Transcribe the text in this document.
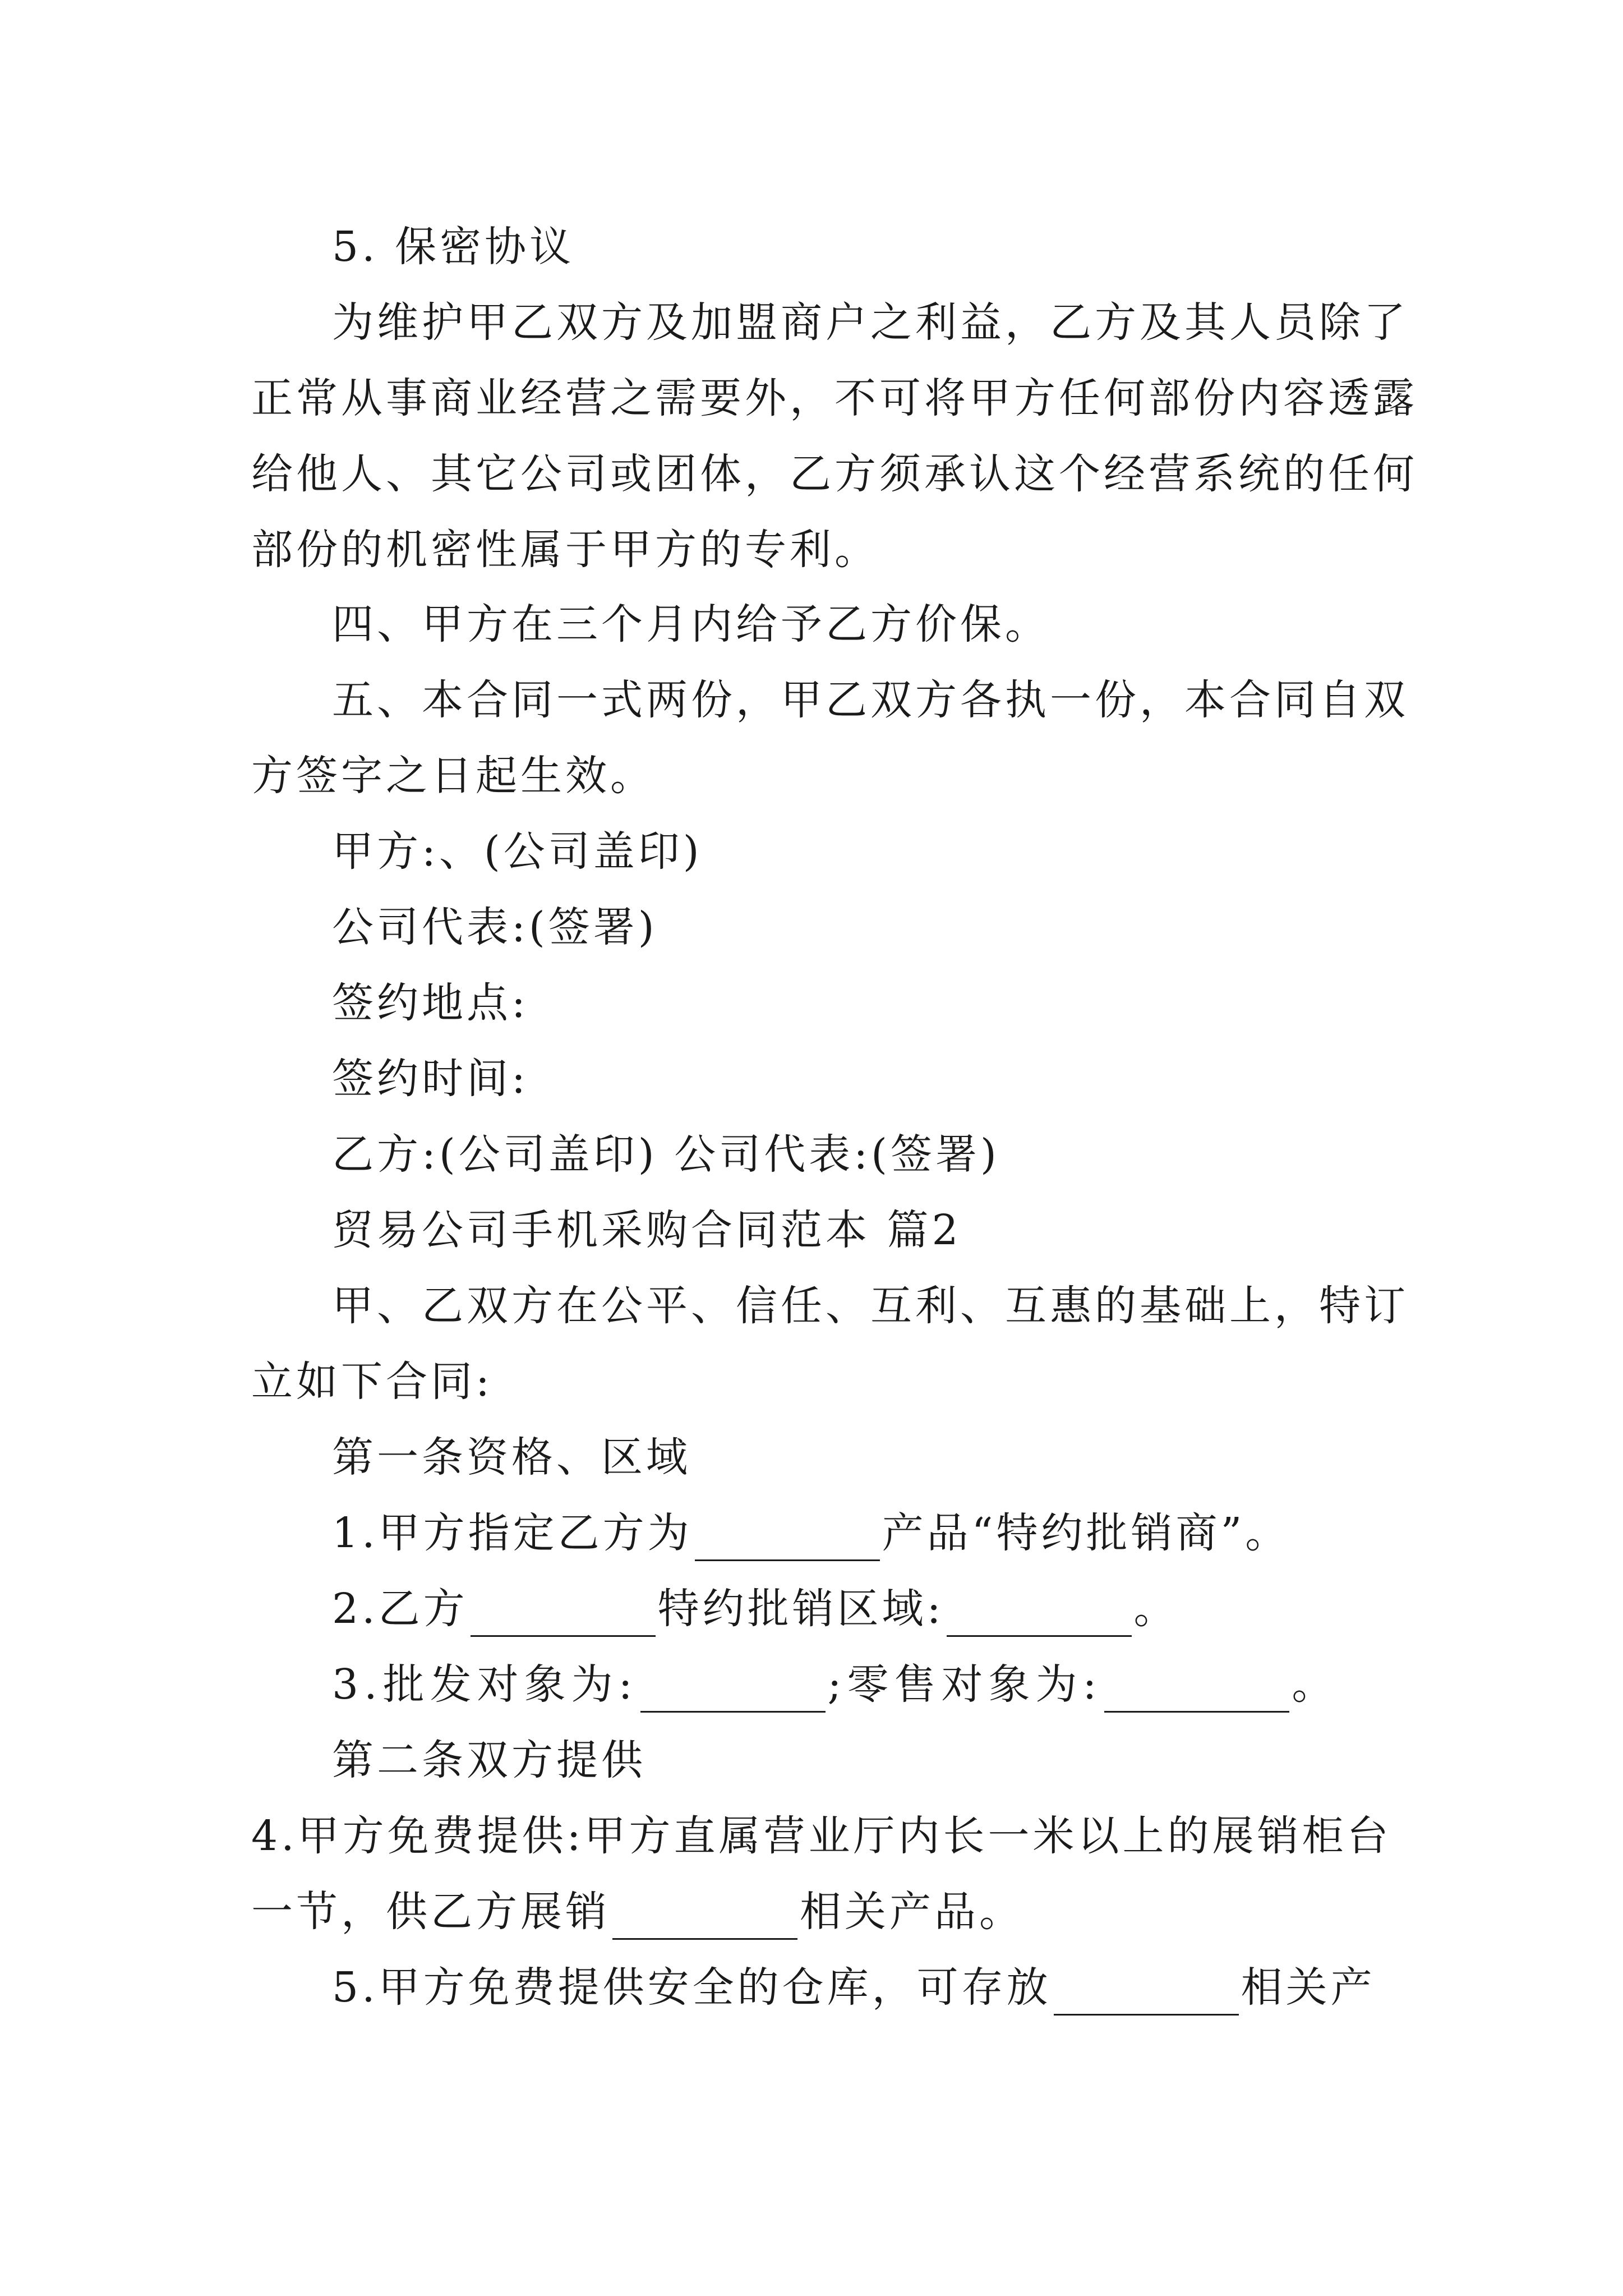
5. 保密协议
为维护甲乙双方及加盟商户之利益，乙方及其人员除了
正常从事商业经营之需要外，不可将甲方任何部份内容透露
给他人、其它公司或团体，乙方须承认这个经营系统的任何
部份的机密性属于甲方的专利。
四、甲方在三个月内给予乙方价保。
五、本合同一式两份，甲乙双方各执一份，本合同自双
方签字之日起生效。
甲方:、(公司盖印)
公司代表:(签署)
签约地点:
签约时间:
乙方:(公司盖印) 公司代表:(签署)
贸易公司手机采购合同范本 篇2
甲、乙双方在公平、信任、互利、互惠的基础上，特订
立如下合同:
第一条资格、区域
1.甲方指定乙方为	产品“特约批销商”。
2.乙方	特约批销区域:	。
3.批发对象为:	;零售对象为:	。
第二条双方提供
4.甲方免费提供:甲方直属营业厅内长一米以上的展销柜台
一节，供乙方展销	相关产品。
5.甲方免费提供安全的仓库，可存放	相关产
